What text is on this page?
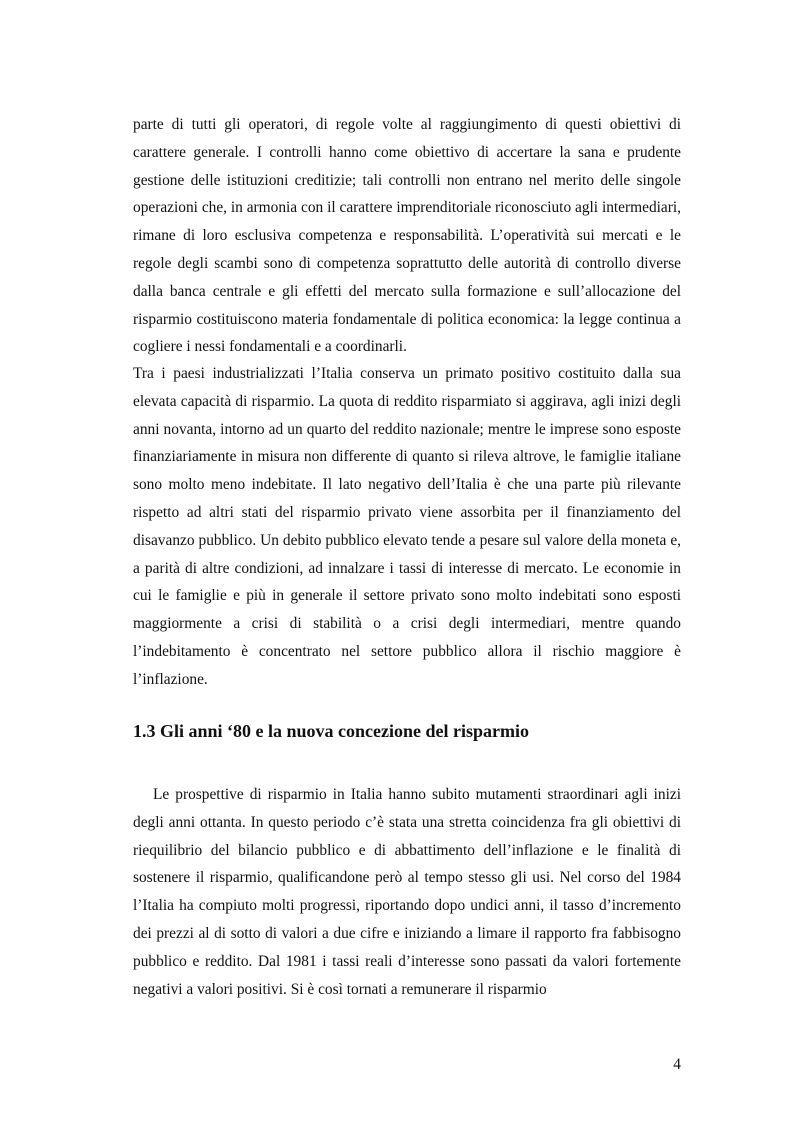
parte di tutti gli operatori, di regole volte al raggiungimento di questi obiettivi di carattere generale. I controlli hanno come obiettivo di accertare la sana e prudente gestione delle istituzioni creditizie; tali controlli non entrano nel merito delle singole operazioni che, in armonia con il carattere imprenditoriale riconosciuto agli intermediari, rimane di loro esclusiva competenza e responsabilità. L’operatività sui mercati e le regole degli scambi sono di competenza soprattutto delle autorità di controllo diverse dalla banca centrale e gli effetti del mercato sulla formazione e sull’allocazione del risparmio costituiscono materia fondamentale di politica economica: la legge continua a cogliere i nessi fondamentali e a coordinarli.

Tra i paesi industrializzati l’Italia conserva un primato positivo costituito dalla sua elevata capacità di risparmio. La quota di reddito risparmiato si aggirava, agli inizi degli anni novanta, intorno ad un quarto del reddito nazionale; mentre le imprese sono esposte finanziariamente in misura non differente di quanto si rileva altrove, le famiglie italiane sono molto meno indebitate. Il lato negativo dell’Italia è che una parte più rilevante rispetto ad altri stati del risparmio privato viene assorbita per il finanziamento del disavanzo pubblico. Un debito pubblico elevato tende a pesare sul valore della moneta e, a parità di altre condizioni, ad innalzare i tassi di interesse di mercato. Le economie in cui le famiglie e più in generale il settore privato sono molto indebitati sono esposti maggiormente a crisi di stabilità o a crisi degli intermediari, mentre quando l’indebitamento è concentrato nel settore pubblico allora il rischio maggiore è l’inflazione.

1.3 Gli anni ‘80 e la nuova concezione del risparmio

Le prospettive di risparmio in Italia hanno subito mutamenti straordinari agli inizi degli anni ottanta. In questo periodo c’è stata una stretta coincidenza fra gli obiettivi di riequilibrio del bilancio pubblico e di abbattimento dell’inflazione e le finalità di sostenere il risparmio, qualificandone però al tempo stesso gli usi. Nel corso del 1984 l’Italia ha compiuto molti progressi, riportando dopo undici anni, il tasso d’incremento dei prezzi al di sotto di valori a due cifre e iniziando a limare il rapporto fra fabbisogno pubblico e reddito. Dal 1981 i tassi reali d’interesse sono passati da valori fortemente negativi a valori positivi. Si è così tornati a remunerare il risparmio

4
